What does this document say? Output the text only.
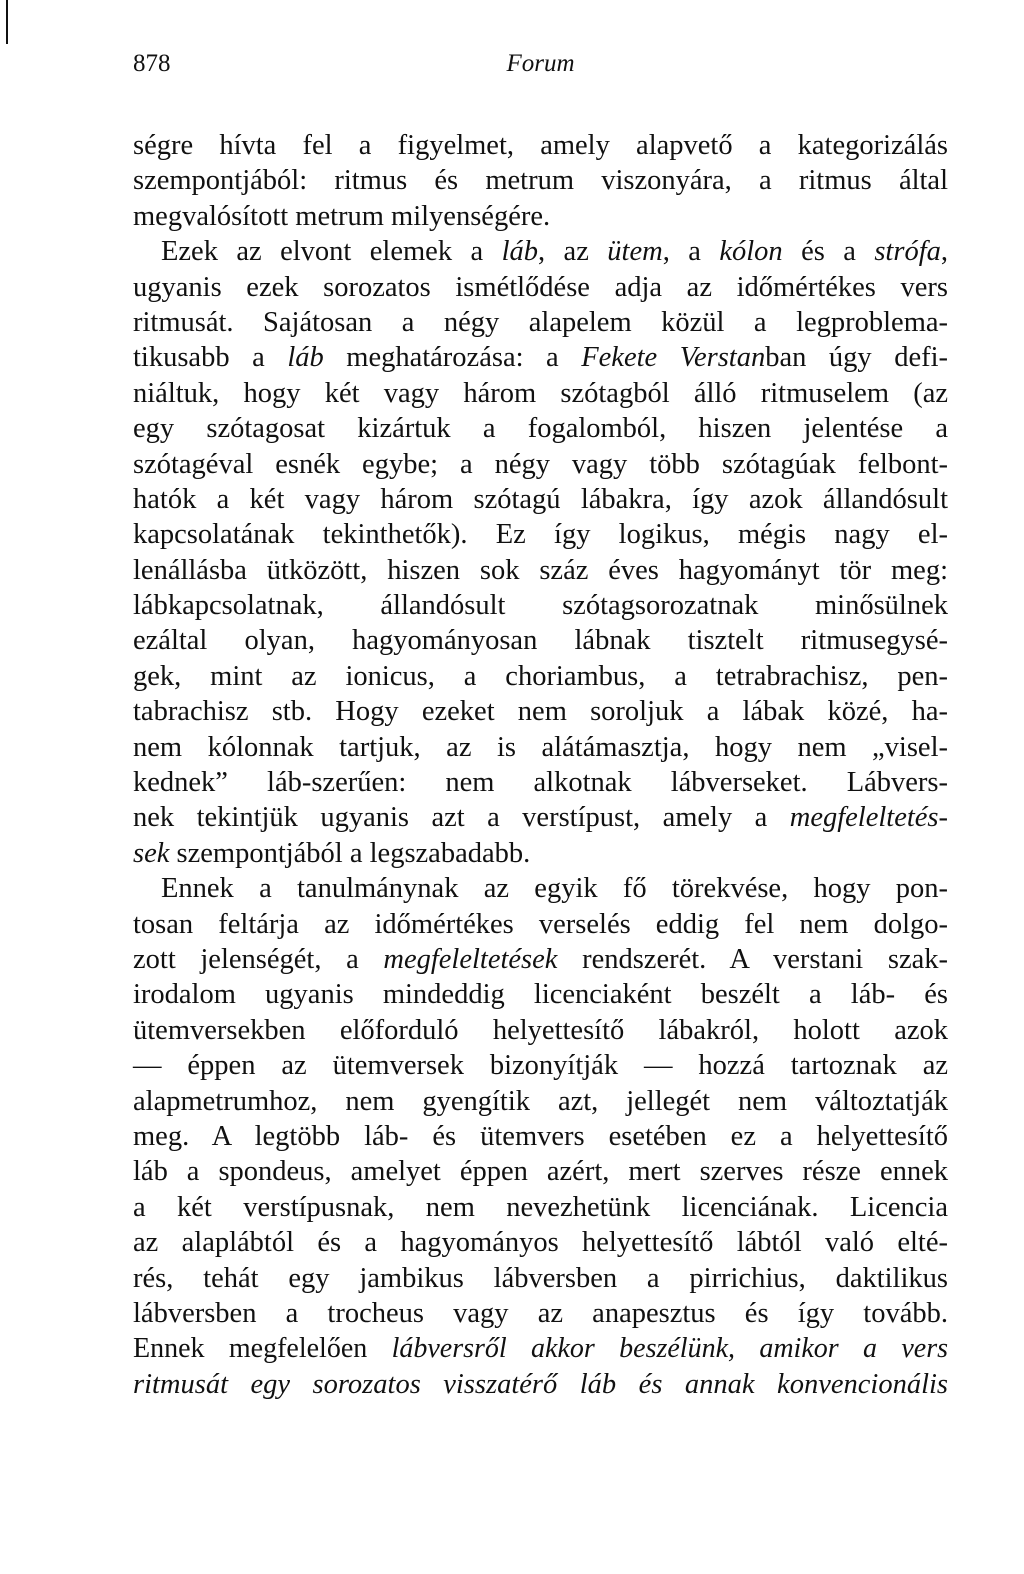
878	Forum
ségre hívta fel a figyelmet, amely alapvető a kategorizálás
szempontjából: ritmus és metrum viszonyára, a ritmus által
megvalósított metrum milyenségére.
Ezek az elvont elemek a láb, az ütem, a kólon és a strófa,
ugyanis ezek sorozatos ismétlődése adja az időmértékes vers
ritmusát. Sajátosan a négy alapelem közül a legproblema-
tikusabb a láb meghatározása: a Fekete Verstanban úgy defi-
niáltuk, hogy két vagy három szótagból álló ritmuselem (az
egy szótagosat kizártuk a fogalomból, hiszen jelentése a
szótagéval esnék egybe; a négy vagy több szótagúak felbont-
hatók a két vagy három szótagú lábakra, így azok állandósult
kapcsolatának tekinthetők). Ez így logikus, mégis nagy el-
lenállásba ütközött, hiszen sok száz éves hagyományt tör meg:
lábkapcsolatnak, állandósult szótagsorozatnak minősülnek
ezáltal olyan, hagyományosan lábnak tisztelt ritmusegysé-
gek, mint az ionicus, a choriambus, a tetrabrachisz, pen-
tabrachisz stb. Hogy ezeket nem soroljuk a lábak közé, ha-
nem kólonnak tartjuk, az is alátámasztja, hogy nem „visel-
kednek” láb-szerűen: nem alkotnak lábverseket. Lábvers-
nek tekintjük ugyanis azt a verstípust, amely a megfeleltetés-
sek szempontjából a legszabadabb.
Ennek a tanulmánynak az egyik fő törekvése, hogy pon-
tosan feltárja az időmértékes verselés eddig fel nem dolgo-
zott jelenségét, a megfeleltetések rendszerét. A verstani szak-
irodalom ugyanis mindeddig licenciaként beszélt a láb- és
ütemversekben előforduló helyettesítő lábakról, holott azok
— éppen az ütemversek bizonyítják — hozzá tartoznak az
alapmetrumhoz, nem gyengítik azt, jellegét nem változtatják
meg. A legtöbb láb- és ütemvers esetében ez a helyettesítő
láb a spondeus, amelyet éppen azért, mert szerves része ennek
a két verstípusnak, nem nevezhetünk licenciának. Licencia
az alaplábtól és a hagyományos helyettesítő lábtól való elté-
rés, tehát egy jambikus lábversben a pirrichius, daktilikus
lábversben a trocheus vagy az anapesztus és így tovább.
Ennek megfelelően lábversről akkor beszélünk, amikor a vers
ritmusát egy sorozatos visszatérő láb és annak konvencionális
